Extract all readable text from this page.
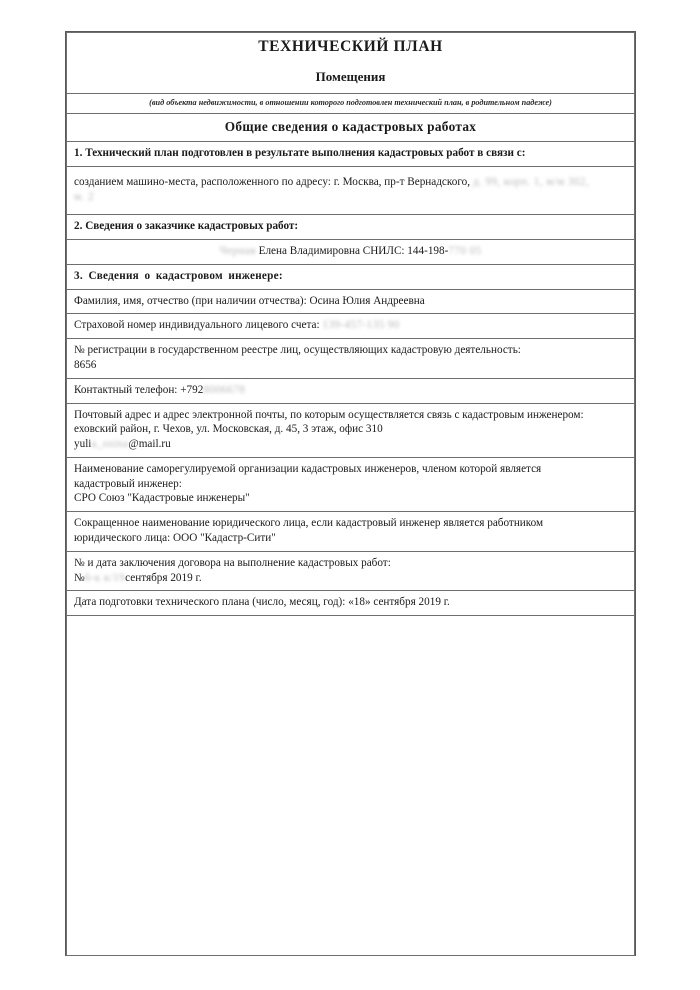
ТЕХНИЧЕСКИЙ ПЛАН
Помещения

(вид объекта недвижимости, в отношении которого подготовлен технический план, в родительном падеже)

Общие сведения о кадастровых работах

1. Технический план подготовлен в результате выполнения кадастровых работ в связи с:
созданием машино-места, расположенного по адресу: г. Москва, пр-т Вернадского, д. 99, корп. 1, м/м 302,
м. 2
2. Сведения о заказчике кадастровых работ:
Черная Елена Владимировна СНИЛС: 144-198-770 05
3. Сведения о кадастровом инженере:
Фамилия, имя, отчество (при наличии отчества): Осина Юлия Андреевна
Страховой номер индивидуального лицевого счета: 139-457-135 90
№ регистрации в государственном реестре лиц, осуществляющих кадастровую деятельность:
8656
Контактный телефон: +7928006678
Почтовый адрес и адрес электронной почты, по которым осуществляется связь с кадастровым инженером:
еховский район, г. Чехов, ул. Московская, д. 45, 3 этаж, офис 310
yulia_osina@mail.ru
Наименование саморегулируемой организации кадастровых инженеров, членом которой является
кадастровый инженер:
СРО Союз "Кадастровые инженеры"
Сокращенное наименование юридического лица, если кадастровый инженер является работником
юридического лица: ООО "Кадастр-Сити"
№ и дата заключения договора на выполнение кадастровых работ:
№6-к к/19сентября 2019 г.
Дата подготовки технического плана (число, месяц, год): «18» сентября 2019 г.
